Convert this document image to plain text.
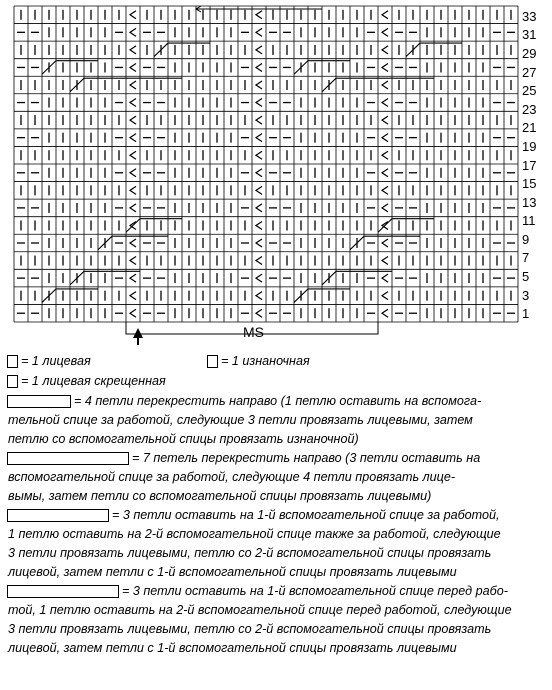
1
3
5
7
9
11
13
15
17
19
21
23
25
27
29
31
33
MS
= 1 лицевая	= 1 изнаночная
= 1 лицевая скрещенная
= 4 петли перекрестить направо (1 петлю оставить на вспомога-
тельной спице за работой, следующие 3 петли провязать лицевыми, затем
петлю со вспомогательной спицы провязать изнаночной)
= 7 петель перекрестить направо (3 петли оставить на
вспомогательной спице за работой, следующие 4 петли провязать лице-
вымы, затем петли со вспомогательной спицы провязать лицевыми)
= 3 петли оставить на 1-й вспомогательной спице за работой,
1 петлю оставить на 2-й вспомогательной спице также за работой, следующие
3 петли провязать лицевыми, петлю со 2-й вспомогательной спицы провязать
лицевой, затем петли с 1-й вспомогательной спицы провязать лицевыми
= 3 петли оставить на 1-й вспомогательной спице перед рабо-
той, 1 петлю оставить на 2-й вспомогательной спице перед работой, следующие
3 петли провязать лицевыми, петлю со 2-й вспомогательной спицы провязать
лицевой, затем петли с 1-й вспомогательной спицы провязать лицевыми
